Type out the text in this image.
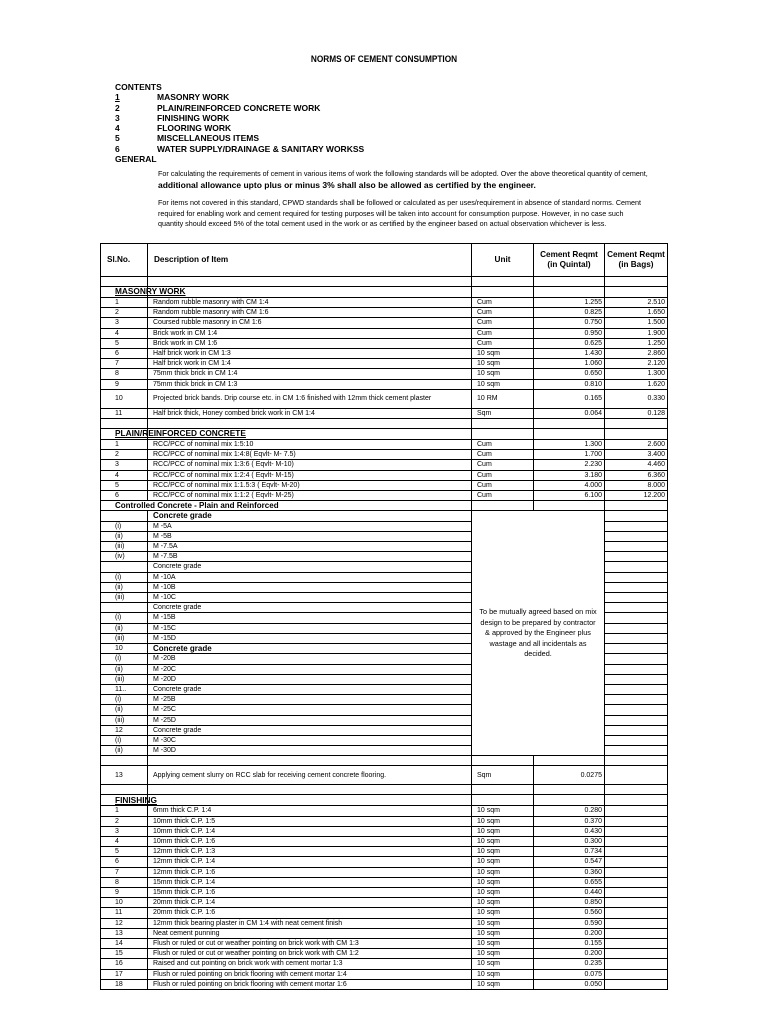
NORMS OF CEMENT CONSUMPTION
CONTENTS
1	MASONRY WORK
2	PLAIN/REINFORCED CONCRETE WORK
3	FINISHING WORK
4	FLOORING WORK
5	MISCELLANEOUS ITEMS
6	WATER SUPPLY/DRAINAGE & SANITARY WORKSS
GENERAL
For calculating the requirements of cement in various items of work the following standards will be adopted. Over the above theoretical quantity of cement, additional allowance upto plus or minus 3% shall also be allowed as certified by the engineer.
For items not covered in this standard, CPWD standards shall be followed or calculated as per uses/requirement in absence of standard norms. Cement required for enabling work and cement required for testing purposes will be taken into account for consumption purpose. However, in no case such quantity should exceed 5% of the total cement used in the work or as certified by the engineer based on actual observation whichever is less.
Sl.No.	Description of Item	Unit	Cement Reqmt (in Quintal)	Cement Reqmt (in Bags)

MASONRY WORK				
1	Random rubble masonry with CM 1:4	Cum	1.255	2.510
2	Random rubble masonry with CM 1:6	Cum	0.825	1.650
3	Coursed rubble masonry in CM 1:6	Cum	0.750	1.500
4	Brick work in CM 1:4	Cum	0.950	1.900
5	Brick work in CM 1:6	Cum	0.625	1.250
6	Half brick work in CM 1:3	10 sqm	1.430	2.860
7	Half brick work in CM 1:4	10 sqm	1.060	2.120
8	75mm thick brick in CM 1:4	10 sqm	0.650	1.300
9	75mm thick brick in CM 1:3	10 sqm	0.810	1.620
10	Projected brick bands. Drip course etc. in CM 1:6 finished with 12mm thick cement plaster	10 RM	0.165	0.330
11	Half brick thick, Honey combed brick work in CM 1:4	Sqm	0.064	0.128

PLAIN/REINFORCED CONCRETE				
1	RCC/PCC of nominal mix 1:5:10	Cum	1.300	2.600
2	RCC/PCC of nominal mix 1:4:8( Eqvlt- M- 7.5)	Cum	1.700	3.400
3	RCC/PCC of nominal mix 1:3:6 ( Eqvlt- M-10)	Cum	2.230	4.460
4	RCC/PCC of nominal mix 1:2:4 ( Eqvlt- M-15)	Cum	3.180	6.360
5	RCC/PCC of nominal mix 1:1.5:3 ( Eqvlt- M-20)	Cum	4.000	8.000
6	RCC/PCC of nominal mix 1:1:2 ( Eqvlt- M-25)	Cum	6.100	12.200
Controlled Concrete - Plain and Reinforced				
	Concrete grade	To be mutually agreed based on mix design to be prepared by contractor & approved by the Engineer plus wastage and all incidentals as decided.		
(i)	M -5A			
(ii)	M -5B			
(iii)	M -7.5A			
(iv)	M -7.5B			
	Concrete grade			
(i)	M -10A			
(ii)	M -10B			
(iii)	M -10C			
	Concrete grade			
(i)	M -15B			
(ii)	M -15C			
(iii)	M -15D			
10	Concrete grade			
(i)	M -20B			
(ii)	M -20C			
(iii)	M -20D			
11..	Concrete grade			
(i)	M -25B			
(ii)	M -25C			
(iii)	M -25D			
12	Concrete grade			
(i)	M -30C			
(ii)	M -30D			

13	Applying cement slurry on RCC slab for receiving cement concrete flooring.	Sqm	0.0275	

FINISHING				
1	6mm thick C.P. 1:4	10 sqm	0.280	
2	10mm thick C.P. 1:5	10 sqm	0.370	
3	10mm thick C.P. 1:4	10 sqm	0.430	
4	10mm thick C.P. 1:6	10 sqm	0.300	
5	12mm thick C.P. 1:3	10 sqm	0.734	
6	12mm thick C.P. 1:4	10 sqm	0.547	
7	12mm thick C.P. 1:6	10 sqm	0.360	
8	15mm thick C.P. 1:4	10 sqm	0.655	
9	15mm thick C.P. 1:6	10 sqm	0.440	
10	20mm thick C.P. 1:4	10 sqm	0.850	
11	20mm thick C.P. 1:6	10 sqm	0.560	
12	12mm thick bearing plaster in CM 1:4 with neat cement finish	10 sqm	0.590	
13	Neat cement punning	10 sqm	0.200	
14	Flush or ruled or cut or weather pointing on brick work with CM 1:3	10 sqm	0.155	
15	Flush or ruled or cut or weather pointing on brick work with CM 1:2	10 sqm	0.200	
16	Raised and cut pointing on brick work with cement mortar 1:3	10 sqm	0.235	
17	Flush or ruled pointing on brick flooring with cement mortar 1:4	10 sqm	0.075	
18	Flush or ruled pointing on brick flooring with cement mortar 1:6	10 sqm	0.050	
